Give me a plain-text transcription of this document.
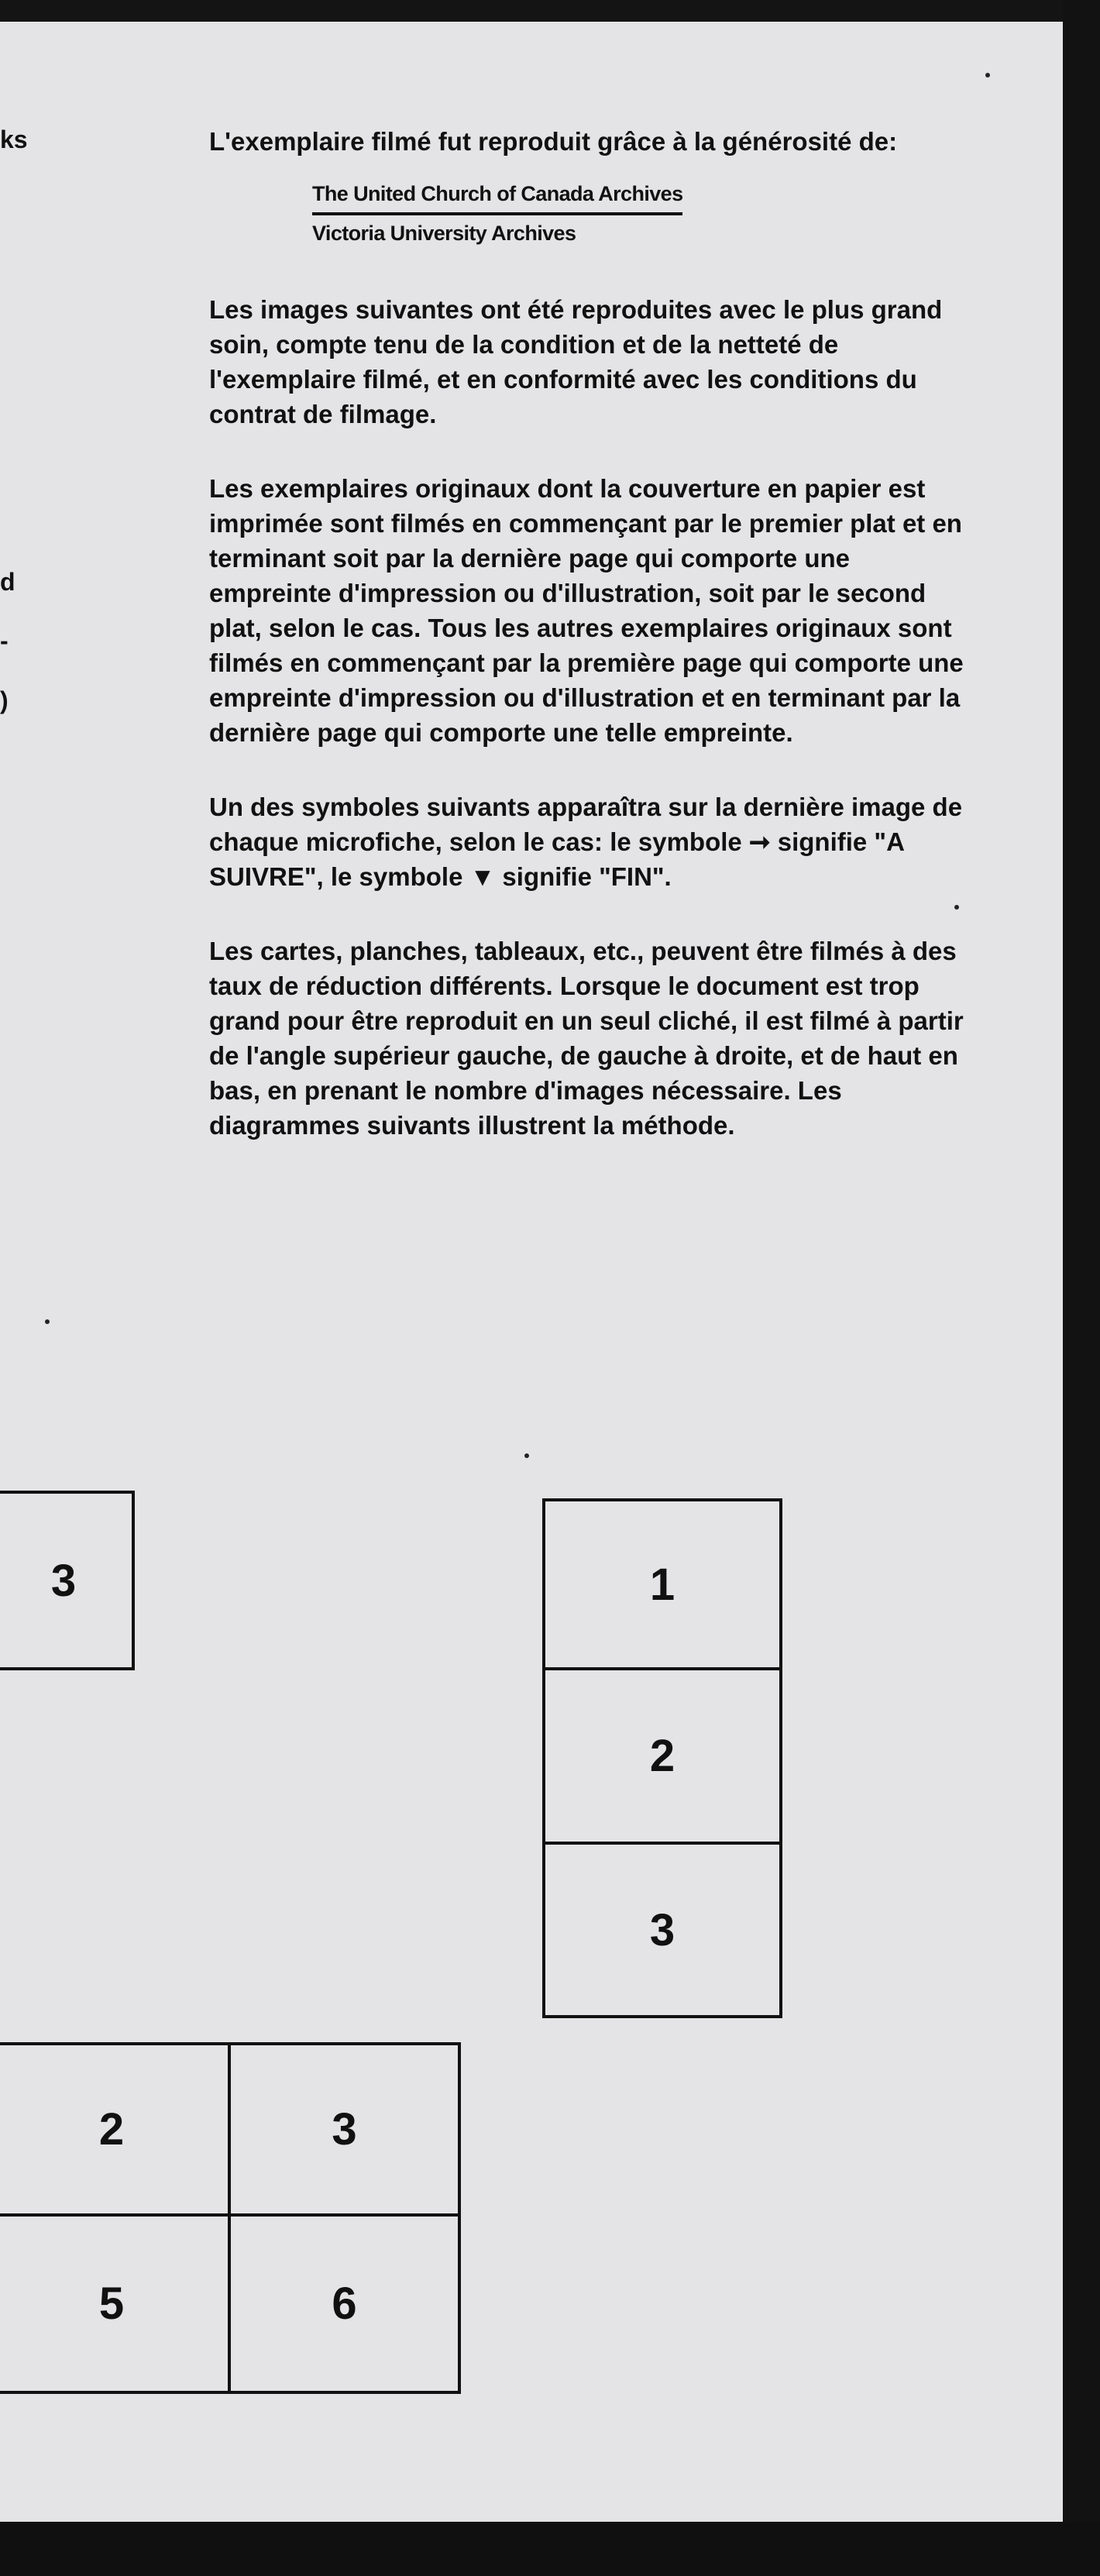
ks
d
-
)

L'exemplaire filmé fut reproduit grâce à la générosité de:

The United Church of Canada Archives
Victoria University Archives

Les images suivantes ont été reproduites avec le plus grand soin, compte tenu de la condition et de la netteté de l'exemplaire filmé, et en conformité avec les conditions du contrat de filmage.

Les exemplaires originaux dont la couverture en papier est imprimée sont filmés en commençant par le premier plat et en terminant soit par la dernière page qui comporte une empreinte d'impression ou d'illustration, soit par le second plat, selon le cas. Tous les autres exemplaires originaux sont filmés en commençant par la première page qui comporte une empreinte d'impression ou d'illustration et en terminant par la dernière page qui comporte une telle empreinte.

Un des symboles suivants apparaîtra sur la dernière image de chaque microfiche, selon le cas: le symbole ➞ signifie "A SUIVRE", le symbole ▼ signifie "FIN".

Les cartes, planches, tableaux, etc., peuvent être filmés à des taux de réduction différents. Lorsque le document est trop grand pour être reproduit en un seul cliché, il est filmé à partir de l'angle supérieur gauche, de gauche à droite, et de haut en bas, en prenant le nombre d'images nécessaire. Les diagrammes suivants illustrent la méthode.

3	1
2
3
2	3
5	6
